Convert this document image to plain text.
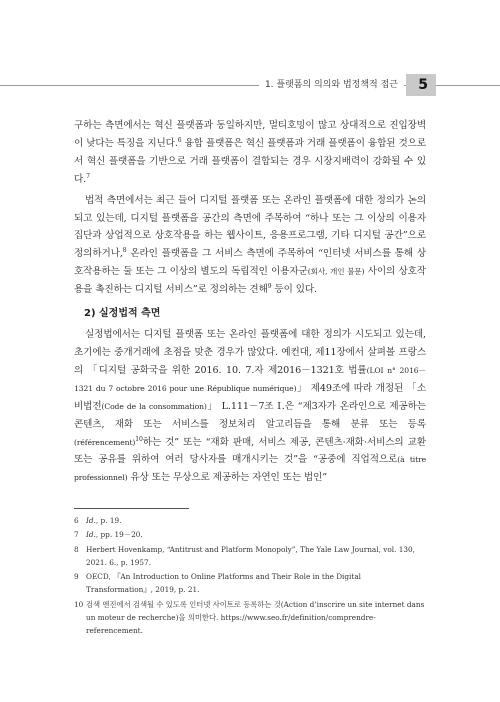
1. 플랫폼의 의의와 법정책적 접근	5

구하는 측면에서는 혁신 플랫폼과 동일하지만, 멀티호밍이 많고 상대적으로 진입장벽이 낮다는 특징을 지닌다.$^6$ 융합 플랫폼은 혁신 플랫폼과 거래 플랫폼이 융합된 것으로서 혁신 플랫폼을 기반으로 거래 플랫폼이 결합되는 경우 시장지배력이 강화될 수 있다.$^7$

법적 측면에서는 최근 들어 디지털 플랫폼 또는 온라인 플랫폼에 대한 정의가 논의되고 있는데, 디지털 플랫폼을 공간의 측면에 주목하여 “하나 또는 그 이상의 이용자 집단과 상업적으로 상호작용을 하는 웹사이트, 응용프로그램, 기타 디지털 공간”으로 정의하거나,$^8$ 온라인 플랫폼을 그 서비스 측면에 주목하여 “인터넷 서비스를 통해 상호작용하는 둘 또는 그 이상의 별도의 독립적인 이용자군(회사, 개인 불문) 사이의 상호작용을 촉진하는 디지털 서비스”로 정의하는 견해$^9$ 등이 있다.

2) 실정법적 측면

실정법에서는 디지털 플랫폼 또는 온라인 플랫폼에 대한 정의가 시도되고 있는데, 초기에는 중개거래에 초점을 맞춘 경우가 많았다. 예컨대, 제11장에서 살펴볼 프랑스의 「디지털 공화국을 위한 2016. 10. 7.자 제2016－1321호 법률(LOI n° 2016－1321 du 7 octobre 2016 pour une République numérique)」 제49조에 따라 개정된 「소비법전(Code de la consommation)」 L.111－7조 Ⅰ.은 “제3자가 온라인으로 제공하는 콘텐츠, 재화 또는 서비스를 정보처리 알고리듬을 통해 분류 또는 등록(référencement)$^{10}$하는 것” 또는 “재화 판매, 서비스 제공, 콘텐츠·재화·서비스의 교환 또는 공유를 위하여 여러 당사자를 매개시키는 것”을 “공중에 직업적으로(à titre professionnel) 유상 또는 무상으로 제공하는 자연인 또는 법인”

6	Id., p. 19.
7	Id., pp. 19－20.
8	Herbert Hovenkamp, “Antitrust and Platform Monopoly”, The Yale Law Journal, vol. 130, 2021. 6., p. 1957.
9	OECD, 『An Introduction to Online Platforms and Their Role in the Digital Transformation』, 2019, p. 21.
10 검색 엔진에서 검색될 수 있도록 인터넷 사이트로 등록하는 것(Action d’inscrire un site internet dans un moteur de recherche)을 의미한다. https://www.seo.fr/definition/comprendre-referencement.
